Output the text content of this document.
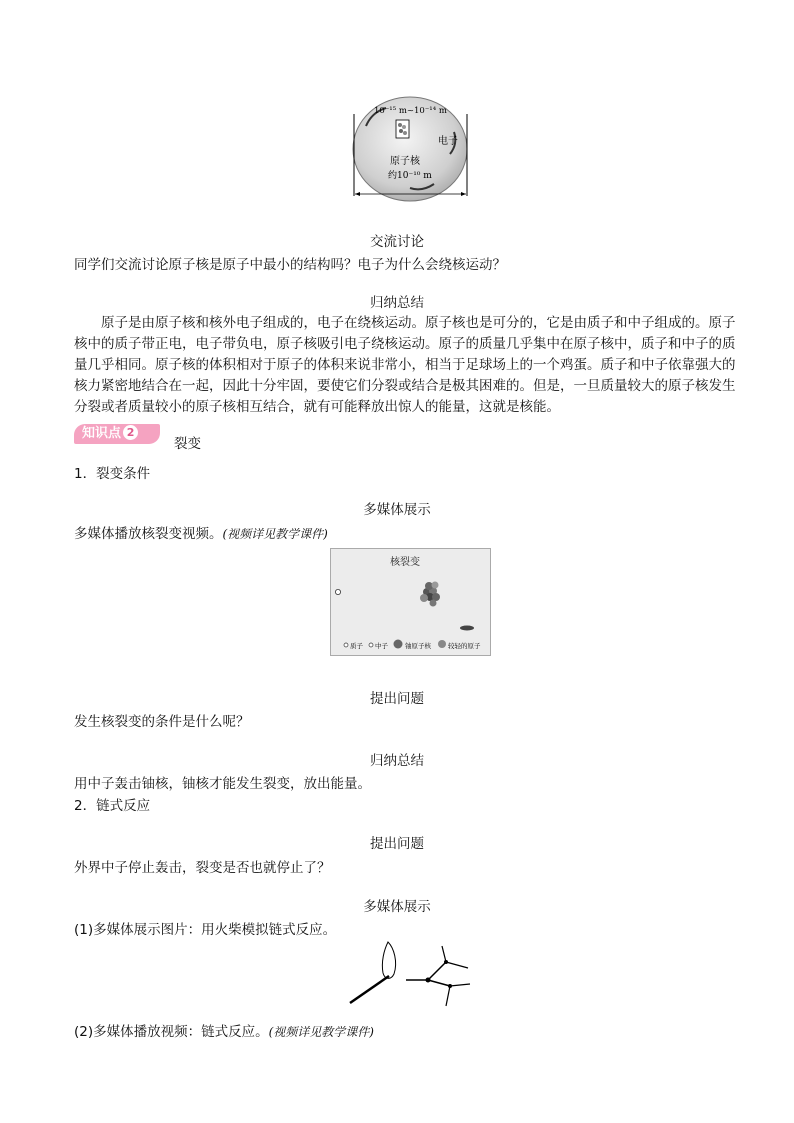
10⁻¹⁵ m~10⁻¹⁴ m
电子
原子核
约10⁻¹⁰ m
交流讨论
同学们交流讨论原子核是原子中最小的结构吗？电子为什么会绕核运动？
归纳总结
原子是由原子核和核外电子组成的，电子在绕核运动。原子核也是可分的，它是由质子和中子组成的。原子核中的质子带正电，电子带负电，原子核吸引电子绕核运动。原子的质量几乎集中在原子核中，质子和中子的质量几乎相同。原子核的体积相对于原子的体积来说非常小，相当于足球场上的一个鸡蛋。质子和中子依靠强大的核力紧密地结合在一起，因此十分牢固，要使它们分裂或结合是极其困难的。但是，一旦质量较大的原子核发生分裂或者质量较小的原子核相互结合，就有可能释放出惊人的能量，这就是核能。
知识点 2
裂变
1．裂变条件
多媒体展示
多媒体播放核裂变视频。(视频详见教学课件)
核裂变
质子 中子	铀原子核	较轻的原子
提出问题
发生核裂变的条件是什么呢？
归纳总结
用中子轰击铀核，铀核才能发生裂变，放出能量。
2．链式反应
提出问题
外界中子停止轰击，裂变是否也就停止了？
多媒体展示
(1)多媒体展示图片：用火柴模拟链式反应。
(2)多媒体播放视频：链式反应。(视频详见教学课件)
